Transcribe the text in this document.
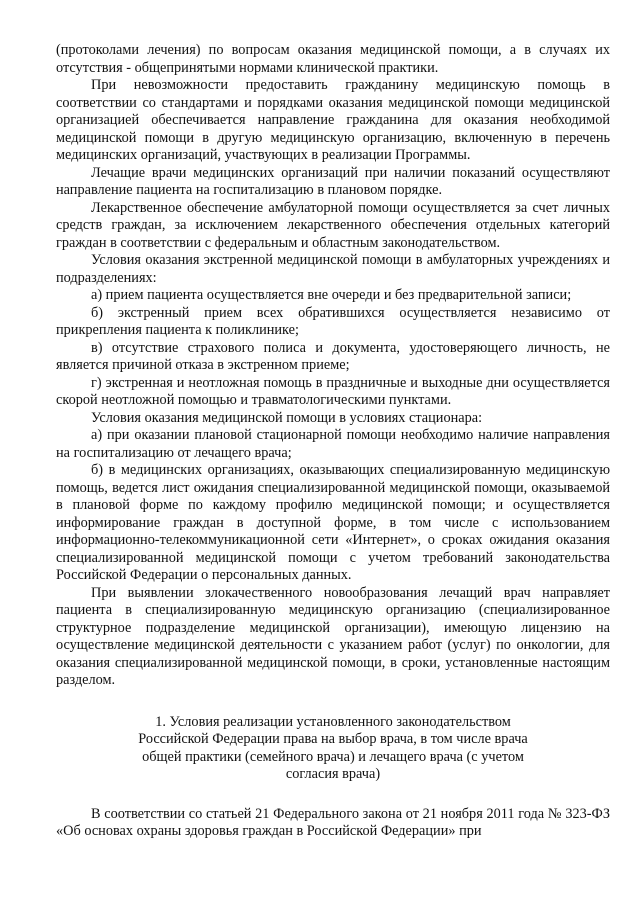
(протоколами лечения) по вопросам оказания медицинской помощи, а в случаях их отсутствия - общепринятыми нормами клинической практики.

При невозможности предоставить гражданину медицинскую помощь в соответствии со стандартами и порядками оказания медицинской помощи медицинской организацией обеспечивается направление гражданина для оказания необходимой медицинской помощи в другую медицинскую организацию, включенную в перечень медицинских организаций, участвующих в реализации Программы.

Лечащие врачи медицинских организаций при наличии показаний осуществляют направление пациента на госпитализацию в плановом порядке.

Лекарственное обеспечение амбулаторной помощи осуществляется за счет личных средств граждан, за исключением лекарственного обеспечения отдельных категорий граждан в соответствии с федеральным и областным законодательством.

Условия оказания экстренной медицинской помощи в амбулаторных учреждениях и подразделениях:

а) прием пациента осуществляется вне очереди и без предварительной записи;

б) экстренный прием всех обратившихся осуществляется независимо от прикрепления пациента к поликлинике;

в) отсутствие страхового полиса и документа, удостоверяющего личность, не является причиной отказа в экстренном приеме;

г) экстренная и неотложная помощь в праздничные и выходные дни осуществляется скорой неотложной помощью и травматологическими пунктами.

Условия оказания медицинской помощи в условиях стационара:

а) при оказании плановой стационарной помощи необходимо наличие направления на госпитализацию от лечащего врача;

б) в медицинских организациях, оказывающих специализированную медицинскую помощь, ведется лист ожидания специализированной медицинской помощи, оказываемой в плановой форме по каждому профилю медицинской помощи; и осуществляется информирование граждан в доступной форме, в том числе с использованием информационно-телекоммуникационной сети «Интернет», о сроках ожидания оказания специализированной медицинской помощи с учетом требований законодательства Российской Федерации о персональных данных.

При выявлении злокачественного новообразования лечащий врач направляет пациента в специализированную медицинскую организацию (специализированное структурное подразделение медицинской организации), имеющую лицензию на осуществление медицинской деятельности с указанием работ (услуг) по онкологии, для оказания специализированной медицинской помощи, в сроки, установленные настоящим разделом.

1. Условия реализации установленного законодательством
Российской Федерации права на выбор врача, в том числе врача
общей практики (семейного врача) и лечащего врача (с учетом
согласия врача)

В соответствии со статьей 21 Федерального закона от 21 ноября 2011 года № 323-ФЗ «Об основах охраны здоровья граждан в Российской Федерации» при
